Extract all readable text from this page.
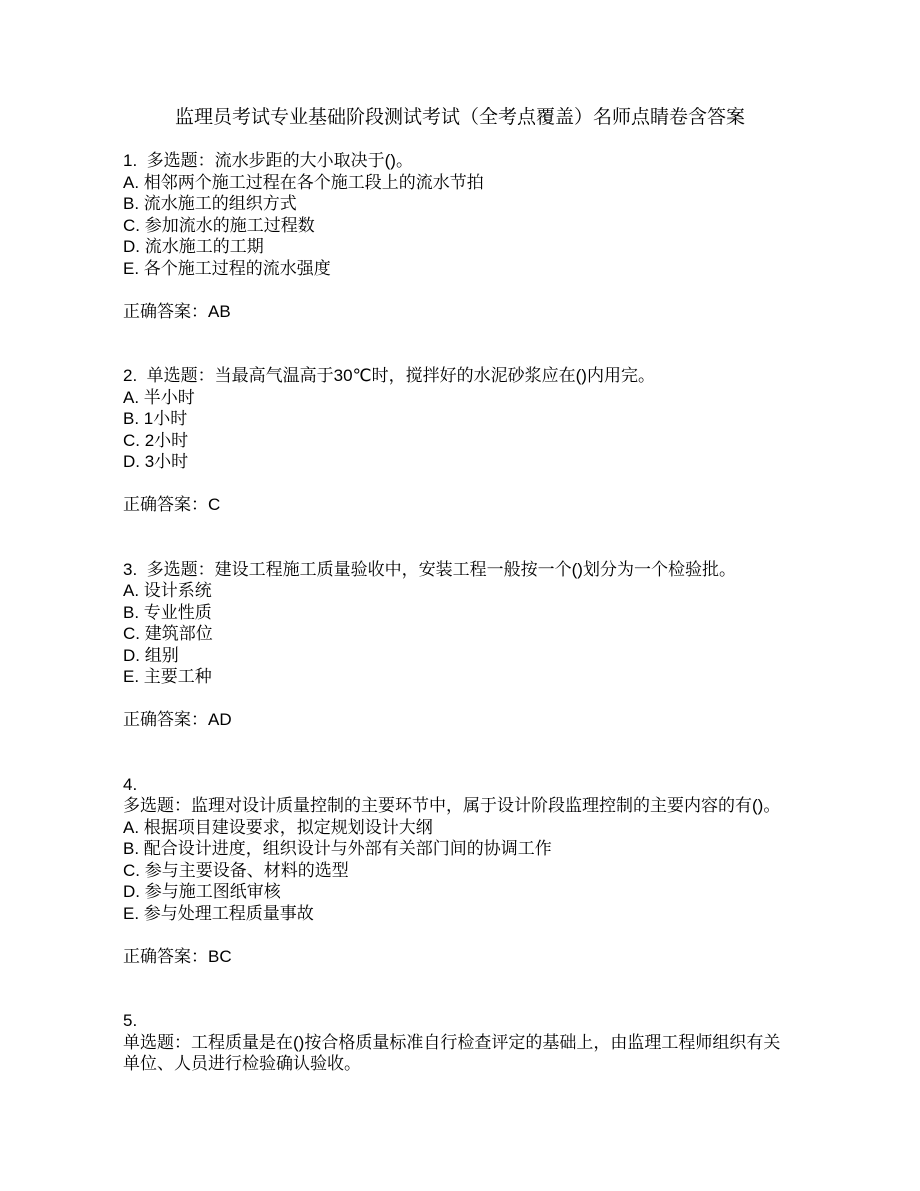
监理员考试专业基础阶段测试考试（全考点覆盖）名师点睛卷含答案
1.  多选题：流水步距的大小取决于()。
A. 相邻两个施工过程在各个施工段上的流水节拍
B. 流水施工的组织方式
C. 参加流水的施工过程数
D. 流水施工的工期
E. 各个施工过程的流水强度
正确答案：AB
2.  单选题：当最高气温高于30℃时，搅拌好的水泥砂浆应在()内用完。
A. 半小时
B. 1小时
C. 2小时
D. 3小时
正确答案：C
3.  多选题：建设工程施工质量验收中，安装工程一般按一个()划分为一个检验批。
A. 设计系统
B. 专业性质
C. 建筑部位
D. 组别
E. 主要工种
正确答案：AD
4.
多选题：监理对设计质量控制的主要环节中，属于设计阶段监理控制的主要内容的有()。
A. 根据项目建设要求，拟定规划设计大纲
B. 配合设计进度，组织设计与外部有关部门间的协调工作
C. 参与主要设备、材料的选型
D. 参与施工图纸审核
E. 参与处理工程质量事故
正确答案：BC
5.
单选题：工程质量是在()按合格质量标准自行检查评定的基础上，由监理工程师组织有关单位、人员进行检验确认验收。
